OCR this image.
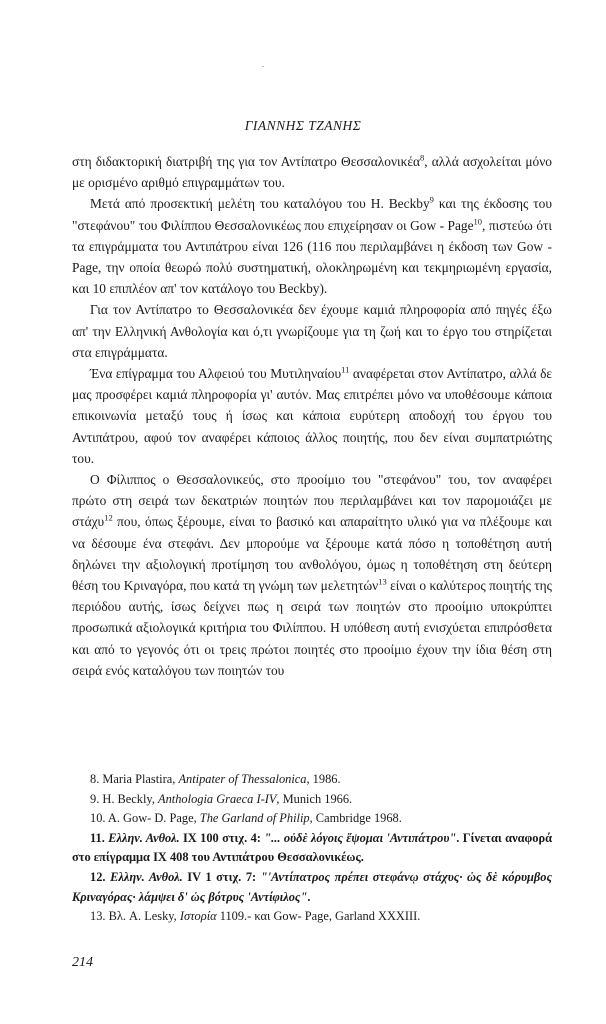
ΓΙΑΝΝΗΣ ΤΖΑΝΗΣ

στη διδακτορική διατριβή της για τον Αντίπατρο Θεσσαλονικέα$^8$, αλλά ασχολείται μόνο με ορισμένο αριθμό επιγραμμάτων του.

Μετά από προσεκτική μελέτη του καταλόγου του H. Beckby$^9$ και της έκδοσης του "στεφάνου" του Φιλίππου Θεσσαλονικέως που επιχείρησαν οι Gow - Page$^{10}$, πιστεύω ότι τα επιγράμματα του Αντιπάτρου είναι 126 (116 που περιλαμβάνει η έκδοση των Gow - Page, την οποία θεωρώ πολύ συστηματική, ολοκληρωμένη και τεκμηριωμένη εργασία, και 10 επιπλέον απ' τον κατάλογο του Beckby).

Για τον Αντίπατρο το Θεσσαλονικέα δεν έχουμε καμιά πληροφορία από πηγές έξω απ' την Ελληνική Ανθολογία και ό,τι γνωρίζουμε για τη ζωή και το έργο του στηρίζεται στα επιγράμματα.

Ένα επίγραμμα του Αλφειού του Μυτιληναίου$^{11}$ αναφέρεται στον Αντίπατρο, αλλά δε μας προσφέρει καμιά πληροφορία γι' αυτόν. Μας επιτρέπει μόνο να υποθέσουμε κάποια επικοινωνία μεταξύ τους ή ίσως και κάποια ευρύτερη αποδοχή του έργου του Αντιπάτρου, αφού τον αναφέρει κάποιος άλλος ποιητής, που δεν είναι συμπατριώτης του.

Ο Φίλιππος ο Θεσσαλονικεύς, στο προοίμιο του "στεφάνου" του, τον αναφέρει πρώτο στη σειρά των δεκατριών ποιητών που περιλαμβάνει και τον παρομοιάζει με στάχυ$^{12}$ που, όπως ξέρουμε, είναι το βασικό και απαραίτητο υλικό για να πλέξουμε και να δέσουμε ένα στεφάνι. Δεν μπορούμε να ξέρουμε κατά πόσο η τοποθέτηση αυτή δηλώνει την αξιολογική προτίμηση του ανθολόγου, όμως η τοποθέτηση στη δεύτερη θέση του Κριναγόρα, που κατά τη γνώμη των μελετητών$^{13}$ είναι ο καλύτερος ποιητής της περιόδου αυτής, ίσως δείχνει πως η σειρά των ποιητών στο προοίμιο υποκρύπτει προσωπικά αξιολογικά κριτήρια του Φιλίππου. Η υπόθεση αυτή ενισχύεται επιπρόσθετα και από το γεγονός ότι οι τρεις πρώτοι ποιητές στο προοίμιο έχουν την ίδια θέση στη σειρά ενός καταλόγου των ποιητών του

8. Maria Plastira, Antipater of Thessalonica, 1986.

9. H. Beckly, Anthologia Graeca I-IV, Munich 1966.

10. A. Gow- D. Page, The Garland of Philip, Cambridge 1968.

11. Ελλην. Ανθολ. IX 100 στιχ. 4: "... οὐδὲ λόγοις ἔψομαι 'Αντιπάτρου". Γίνεται αναφορά στο επίγραμμα IX 408 του Αντιπάτρου Θεσσαλονικέως.

12. Ελλην. Ανθολ. IV 1 στιχ. 7: "'Αντίπατρος πρέπει στεφάνῳ στάχυς· ὡς δὲ κόρυμβος Κριναγόρας· λάμψει δ' ὡς βότρυς 'Αντίφιλος".

13. Βλ. A. Lesky, Ιστορία 1109.- και Gow- Page, Garland XXXIII.

214
